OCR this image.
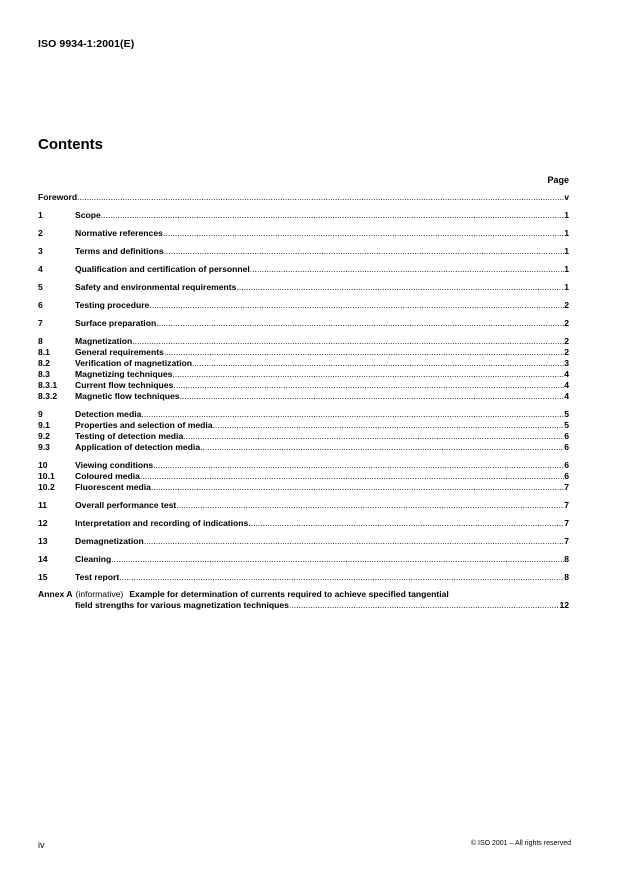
ISO 9934-1:2001(E)
Contents
Page
Foreword .....	v
1	Scope .....	1
2	Normative references .....	1
3	Terms and definitions .....	1
4	Qualification and certification of personnel .....	1
5	Safety and environmental requirements .....	1
6	Testing procedure .....	2
7	Surface preparation .....	2
8	Magnetization .....	2
8.1	General requirements .....	2
8.2	Verification of magnetization .....	3
8.3	Magnetizing techniques .....	4
8.3.1	Current flow techniques .....	4
8.3.2	Magnetic flow techniques .....	4
9	Detection media .....	5
9.1	Properties and selection of media .....	5
9.2	Testing of detection media .....	6
9.3	Application of detection media .....	6
10	Viewing conditions .....	6
10.1	Coloured media .....	6
10.2	Fluorescent media .....	7
11	Overall performance test .....	7
12	Interpretation and recording of indications. .....	7
13	Demagnetization .....	7
14	Cleaning .....	8
15	Test report .....	8
Annex A (informative) Example for determination of currents required to achieve specified tangential
field strengths for various magnetization techniques .....	12
iv	© ISO 2001 – All rights reserved
